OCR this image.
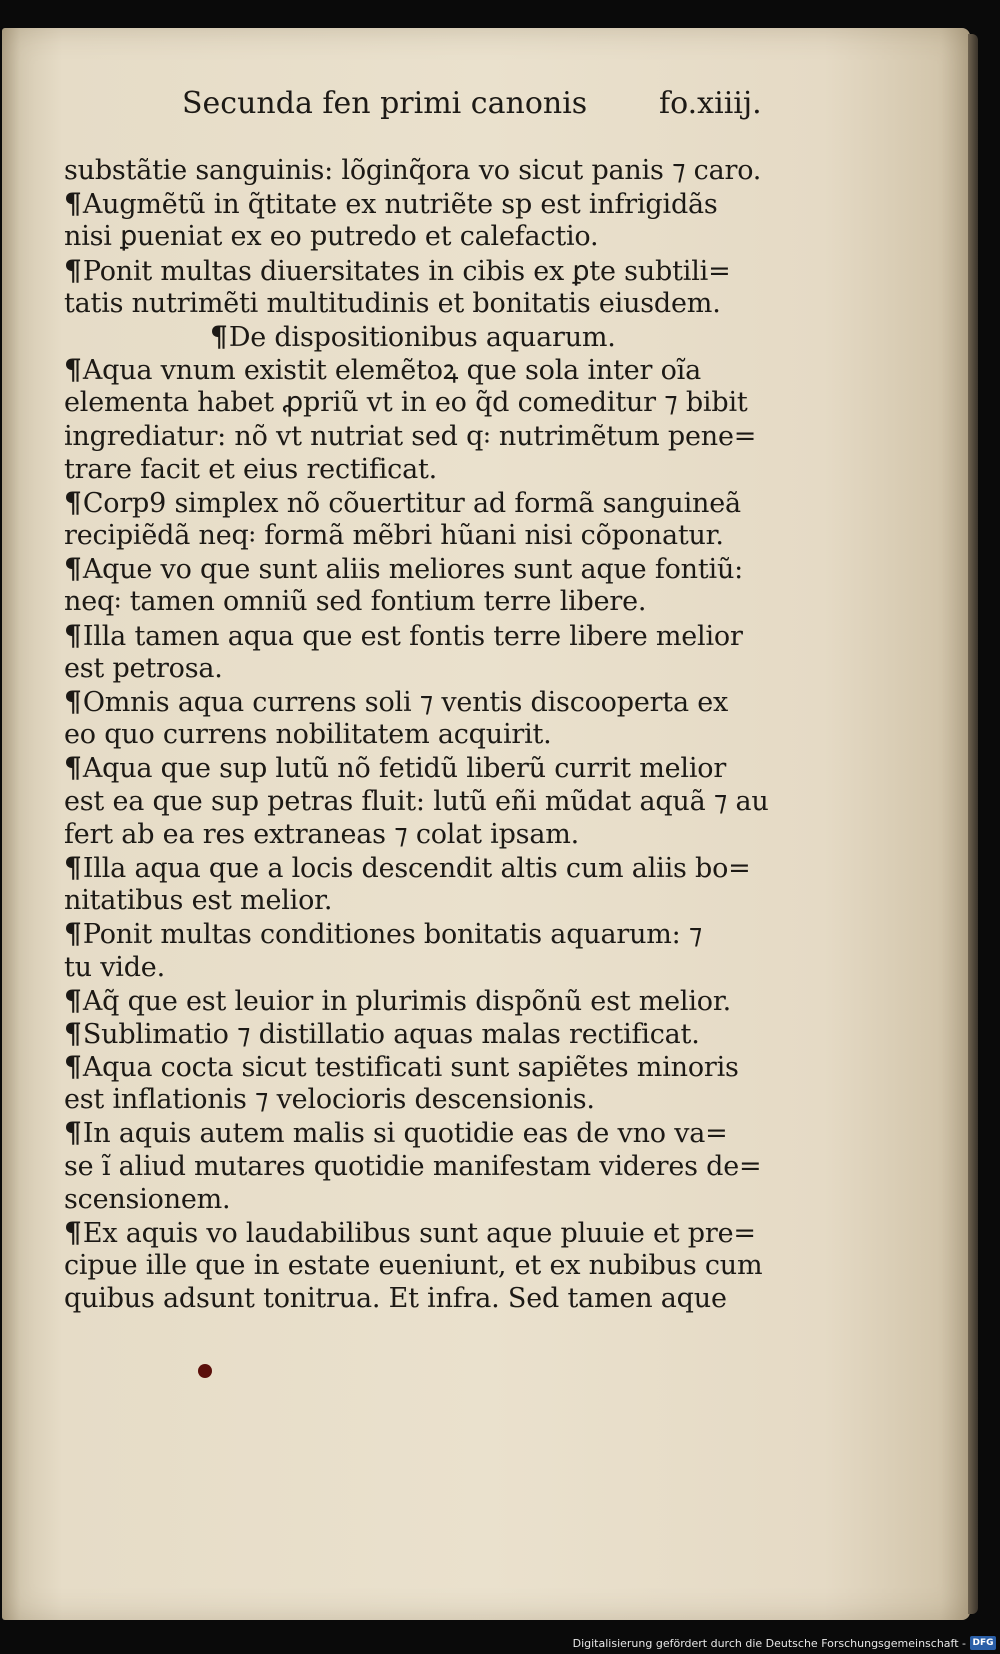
Secunda fen primi canonis fo.xiiij.
substãtie sanguinis: lõginq̃ora vo sicut panis ⁊ caro.
¶ Augmẽtũ in q̃titate ex nutriẽte sp est infrigidãs
nisi ꝑueniat ex eo putredo et calefactio.
¶ Ponit multas diuersitates in cibis ex ꝑte subtili=
tatis nutrimẽti multitudinis et bonitatis eiusdem.
¶ De dispositionibus aquarum.
¶ Aqua vnum existit elemẽtoꝝ que sola inter oĩa
elementa habet ꝓpriũ vt in eo q̃d comeditur ⁊ bibit
ingrediatur: nõ vt nutriat sed q꞉ nutrimẽtum pene=
trare facit et eius rectificat.
¶ Corp9 simplex nõ cõuertitur ad formã sanguineã
recipiẽdã neq꞉ formã mẽbri hũani nisi cõponatur.
¶ Aque vo que sunt aliis meliores sunt aque fontiũ:
neq꞉ tamen omniũ sed fontium terre libere.
¶ Illa tamen aqua que est fontis terre libere melior
est petrosa.
¶ Omnis aqua currens soli ⁊ ventis discooperta ex
eo quo currens nobilitatem acquirit.
¶ Aqua que sup lutũ nõ fetidũ liberũ currit melior
est ea que sup petras fluit: lutũ eñi mũdat aquã ⁊ au
fert ab ea res extraneas ⁊ colat ipsam.
¶ Illa aqua que a locis descendit altis cum aliis bo=
nitatibus est melior.
¶ Ponit multas conditiones bonitatis aquarum: ⁊
tu vide.
¶ Aq̃ que est leuior in plurimis dispõnũ est melior.
¶ Sublimatio ⁊ distillatio aquas malas rectificat.
¶ Aqua cocta sicut testificati sunt sapiẽtes minoris
est inflationis ⁊ velocioris descensionis.
¶ In aquis autem malis si quotidie eas de vno va=
se ĩ aliud mutares quotidie manifestam videres de=
scensionem.
¶ Ex aquis vo laudabilibus sunt aque pluuie et pre=
cipue ille que in estate eueniunt, et ex nubibus cum
quibus adsunt tonitrua. Et infra. Sed tamen aque
Digitalisierung gefördert durch die Deutsche Forschungsgemeinschaft - DFG
